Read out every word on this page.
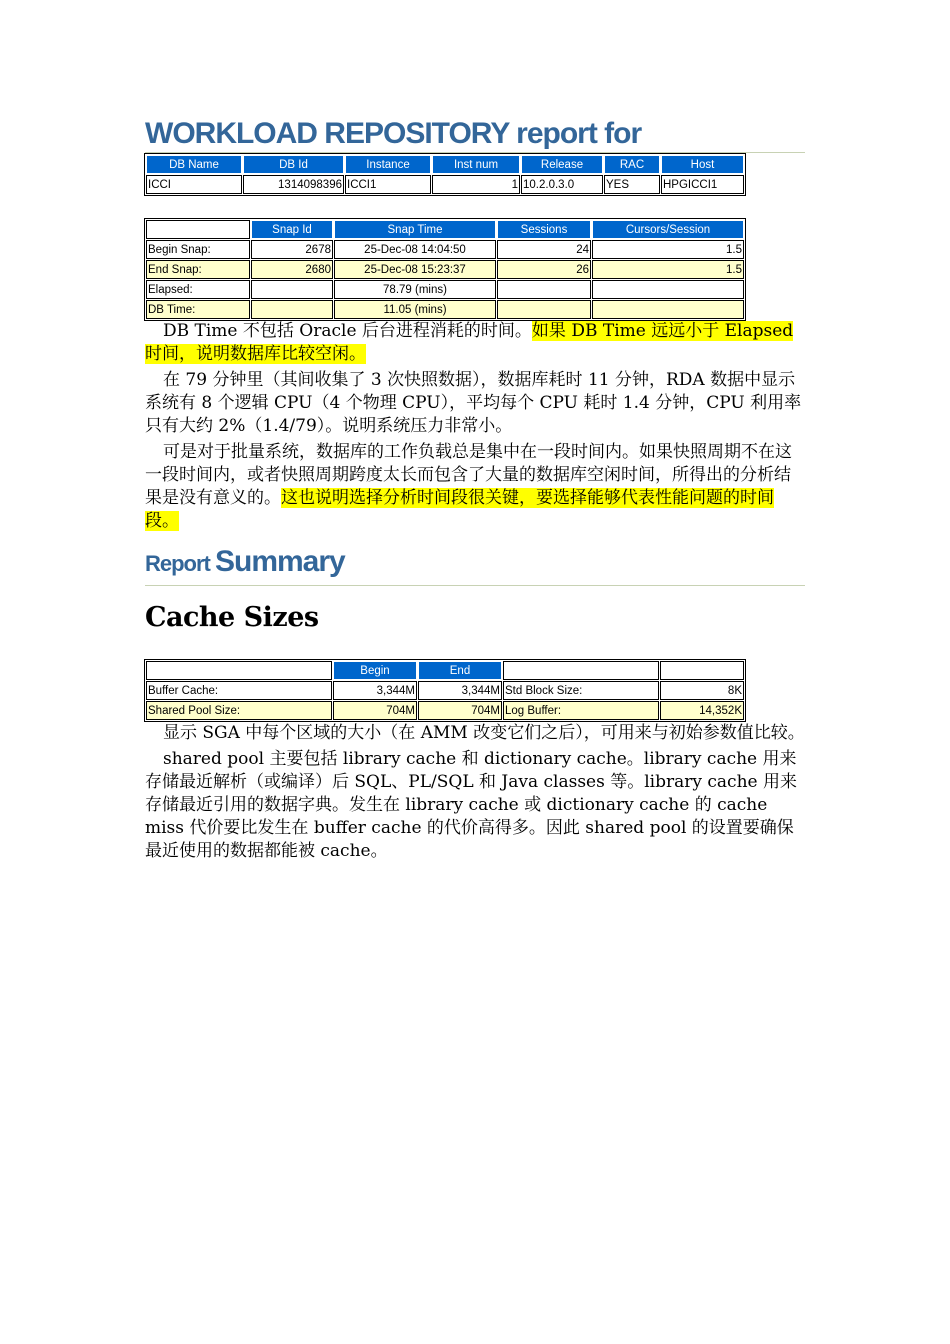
WORKLOAD REPOSITORY report for
DB Name	DB Id	Instance	Inst num	Release	RAC	Host
ICCI	1314098396	ICCI1	1	10.2.0.3.0	YES	HPGICCI1
	Snap Id	Snap Time	Sessions	Cursors/Session
Begin Snap:	2678	25-Dec-08 14:04:50	24	1.5
End Snap:	2680	25-Dec-08 15:23:37	26	1.5
Elapsed:		78.79 (mins)		
DB Time:		11.05 (mins)		

DB Time 不包括 Oracle 后台进程消耗的时间。如果 DB Time 远远小于 Elapsed 时间，说明数据库比较空闲。

在 79 分钟里（其间收集了 3 次快照数据），数据库耗时 11 分钟，RDA 数据中显示系统有 8 个逻辑 CPU（4 个物理 CPU），平均每个 CPU 耗时 1.4 分钟，CPU 利用率只有大约 2%（1.4/79）。说明系统压力非常小。

可是对于批量系统，数据库的工作负载总是集中在一段时间内。如果快照周期不在这一段时间内，或者快照周期跨度太长而包含了大量的数据库空闲时间，所得出的分析结果是没有意义的。这也说明选择分析时间段很关键，要选择能够代表性能问题的时间段。

Report Summary
Cache Sizes
	Begin	End		
Buffer Cache:	3,344M	3,344M	Std Block Size:	8K
Shared Pool Size:	704M	704M	Log Buffer:	14,352K

显示 SGA 中每个区域的大小（在 AMM 改变它们之后），可用来与初始参数值比较。

shared pool 主要包括 library cache 和 dictionary cache。library cache 用来存储最近解析（或编译）后 SQL、PL/SQL 和 Java classes 等。library cache 用来存储最近引用的数据字典。发生在 library cache 或 dictionary cache 的 cache miss 代价要比发生在 buffer cache 的代价高得多。因此 shared pool 的设置要确保最近使用的数据都能被 cache。
